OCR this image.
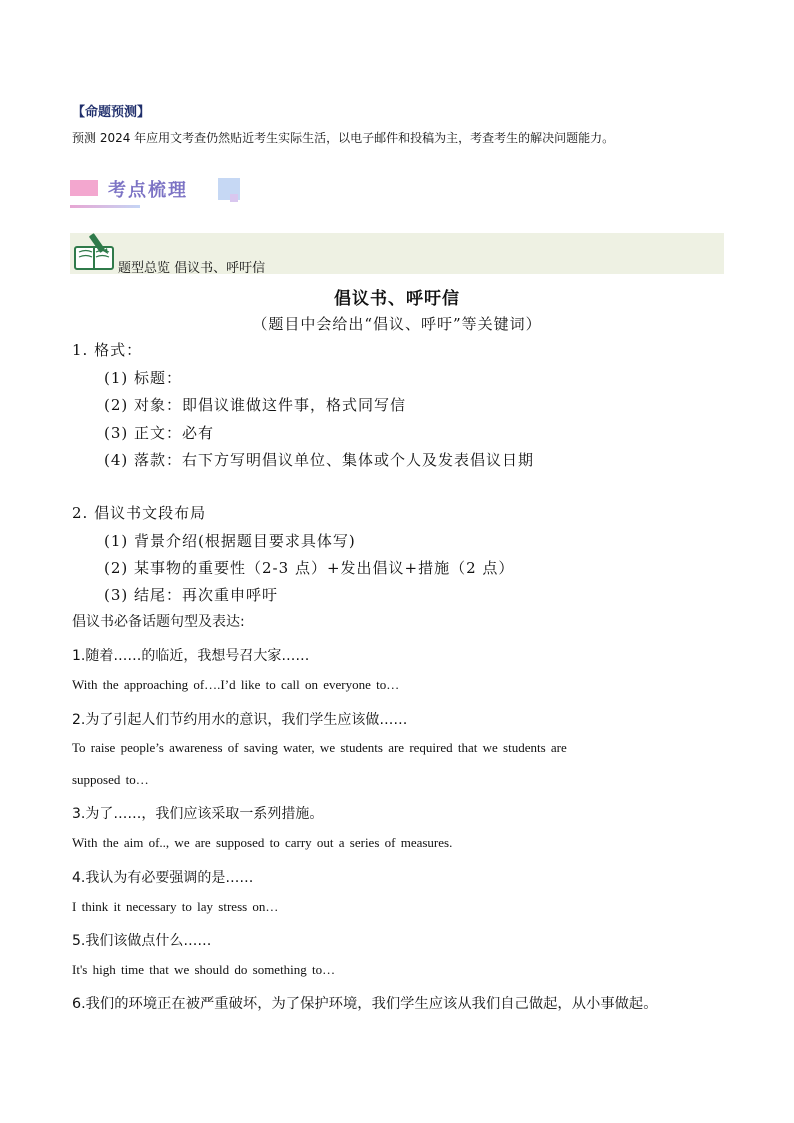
【命题预测】
预测 2024 年应用文考查仍然贴近考生实际生活，以电子邮件和投稿为主，考查考生的解决问题能力。
考点梳理
题型总览 倡议书、呼吁信
倡议书、呼吁信
（题目中会给出“倡议、呼吁”等关键词）
1. 格式：
(1) 标题：
(2) 对象：即倡议谁做这件事，格式同写信
(3) 正文：必有
(4) 落款：右下方写明倡议单位、集体或个人及发表倡议日期
2. 倡议书文段布局
(1) 背景介绍(根据题目要求具体写)
(2) 某事物的重要性（2-3 点）+发出倡议+措施（2 点）
(3) 结尾：再次重申呼吁
倡议书必备话题句型及表达:
1.随着……的临近，我想号召大家……
With the approaching of….I’d like to call on everyone to…
2.为了引起人们节约用水的意识，我们学生应该做……
To raise people’s awareness of saving water, we students are required that we students are
supposed to…
3.为了……，我们应该采取一系列措施。
With the aim of.., we are supposed to carry out a series of measures.
4.我认为有必要强调的是……
I think it necessary to lay stress on…
5.我们该做点什么……
It's high time that we should do something to…
6.我们的环境正在被严重破坏，为了保护环境，我们学生应该从我们自己做起，从小事做起。
